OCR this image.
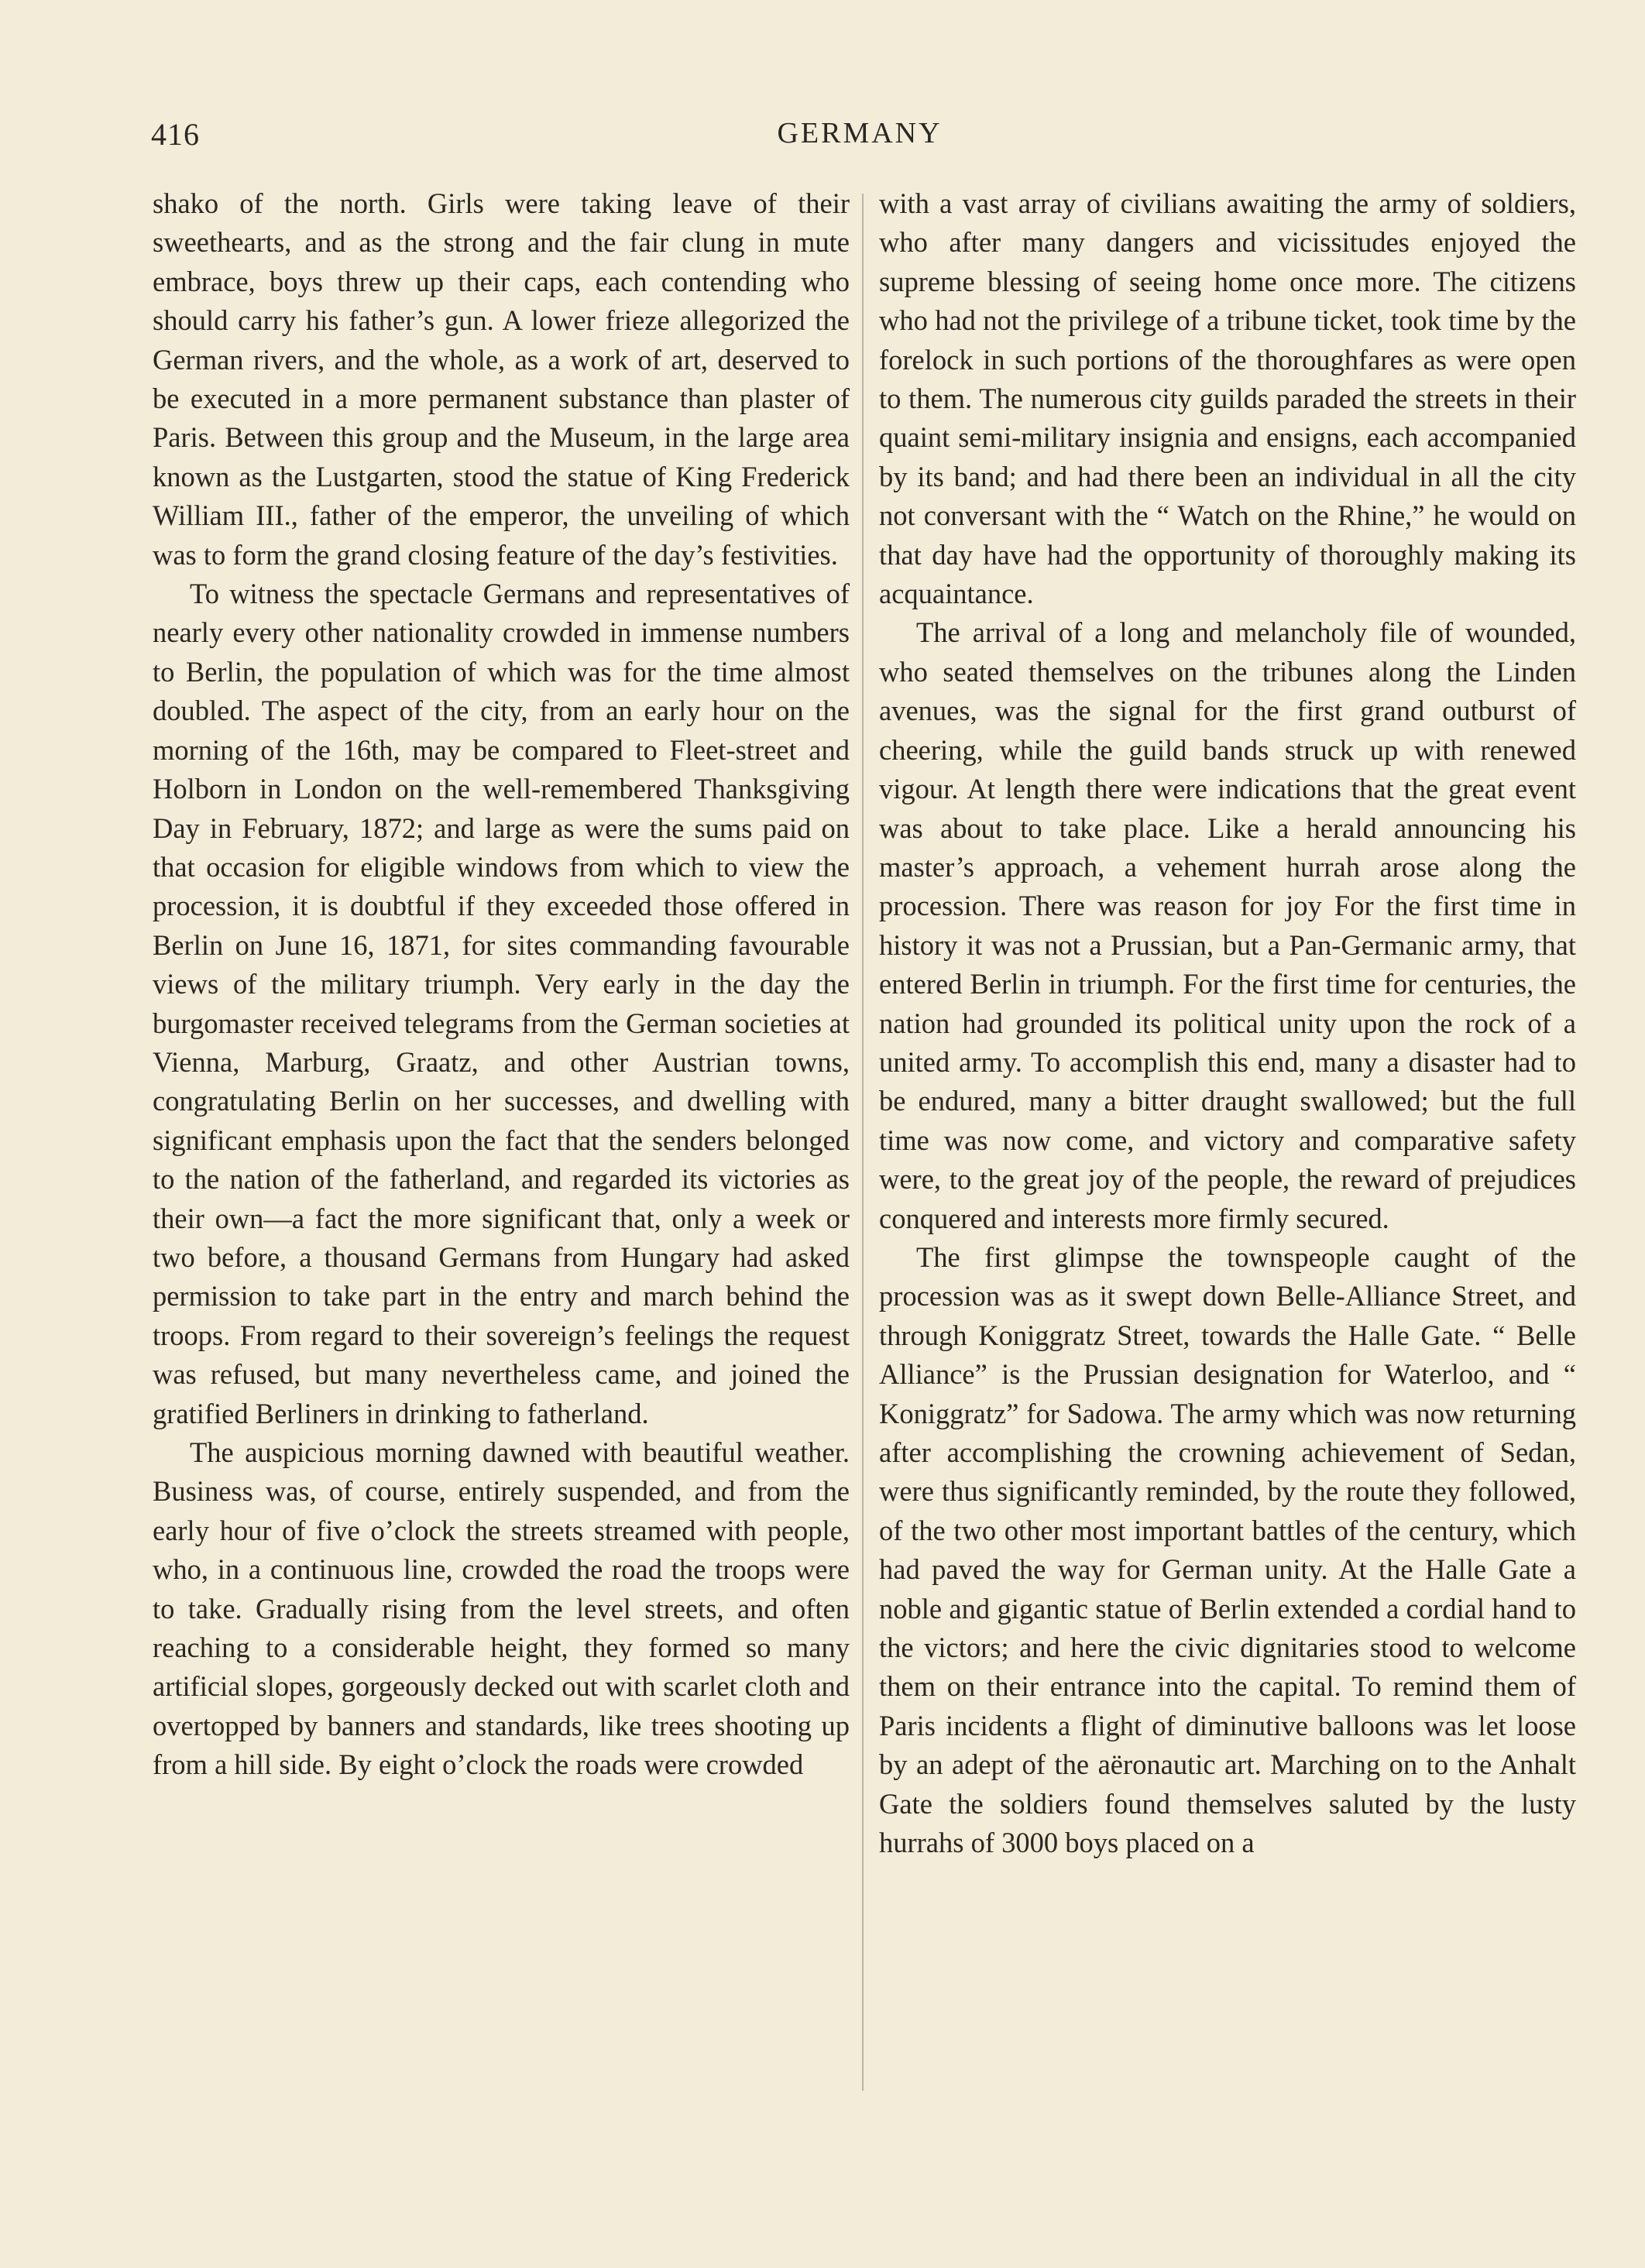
416	GERMANY

shako of the north. Girls were taking leave of their sweethearts, and as the strong and the fair clung in mute embrace, boys threw up their caps, each contending who should carry his father’s gun. A lower frieze allegorized the German rivers, and the whole, as a work of art, deserved to be executed in a more permanent substance than plaster of Paris. Between this group and the Museum, in the large area known as the Lustgarten, stood the statue of King Frederick William III., father of the emperor, the unveiling of which was to form the grand closing feature of the day’s festivities.

To witness the spectacle Germans and representatives of nearly every other nationality crowded in immense numbers to Berlin, the population of which was for the time almost doubled. The aspect of the city, from an early hour on the morning of the 16th, may be compared to Fleet-street and Holborn in London on the well-remembered Thanksgiving Day in February, 1872; and large as were the sums paid on that occasion for eligible windows from which to view the procession, it is doubtful if they exceeded those offered in Berlin on June 16, 1871, for sites commanding favourable views of the military triumph. Very early in the day the burgomaster received telegrams from the German societies at Vienna, Marburg, Graatz, and other Austrian towns, congratulating Berlin on her successes, and dwelling with significant emphasis upon the fact that the senders belonged to the nation of the fatherland, and regarded its victories as their own—a fact the more significant that, only a week or two before, a thousand Germans from Hungary had asked permission to take part in the entry and march behind the troops. From regard to their sovereign’s feelings the request was refused, but many nevertheless came, and joined the gratified Berliners in drinking to fatherland.

The auspicious morning dawned with beautiful weather. Business was, of course, entirely suspended, and from the early hour of five o’clock the streets streamed with people, who, in a continuous line, crowded the road the troops were to take. Gradually rising from the level streets, and often reaching to a considerable height, they formed so many artificial slopes, gorgeously decked out with scarlet cloth and overtopped by banners and standards, like trees shooting up from a hill side. By eight o’clock the roads were crowded

with a vast array of civilians awaiting the army of soldiers, who after many dangers and vicissitudes enjoyed the supreme blessing of seeing home once more. The citizens who had not the privilege of a tribune ticket, took time by the forelock in such portions of the thoroughfares as were open to them. The numerous city guilds paraded the streets in their quaint semi-military insignia and ensigns, each accompanied by its band; and had there been an individual in all the city not conversant with the “ Watch on the Rhine,” he would on that day have had the opportunity of thoroughly making its acquaintance.

The arrival of a long and melancholy file of wounded, who seated themselves on the tribunes along the Linden avenues, was the signal for the first grand outburst of cheering, while the guild bands struck up with renewed vigour. At length there were indications that the great event was about to take place. Like a herald announcing his master’s approach, a vehement hurrah arose along the procession. There was reason for joy For the first time in history it was not a Prussian, but a Pan-Germanic army, that entered Berlin in triumph. For the first time for centuries, the nation had grounded its political unity upon the rock of a united army. To accomplish this end, many a disaster had to be endured, many a bitter draught swallowed; but the full time was now come, and victory and comparative safety were, to the great joy of the people, the reward of prejudices conquered and interests more firmly secured.

The first glimpse the townspeople caught of the procession was as it swept down Belle-Alliance Street, and through Koniggratz Street, towards the Halle Gate. “ Belle Alliance” is the Prussian designation for Waterloo, and “ Koniggratz” for Sadowa. The army which was now returning after accomplishing the crowning achievement of Sedan, were thus significantly reminded, by the route they followed, of the two other most important battles of the century, which had paved the way for German unity. At the Halle Gate a noble and gigantic statue of Berlin extended a cordial hand to the victors; and here the civic dignitaries stood to welcome them on their entrance into the capital. To remind them of Paris incidents a flight of diminutive balloons was let loose by an adept of the aëronautic art. Marching on to the Anhalt Gate the soldiers found themselves saluted by the lusty hurrahs of 3000 boys placed on a
